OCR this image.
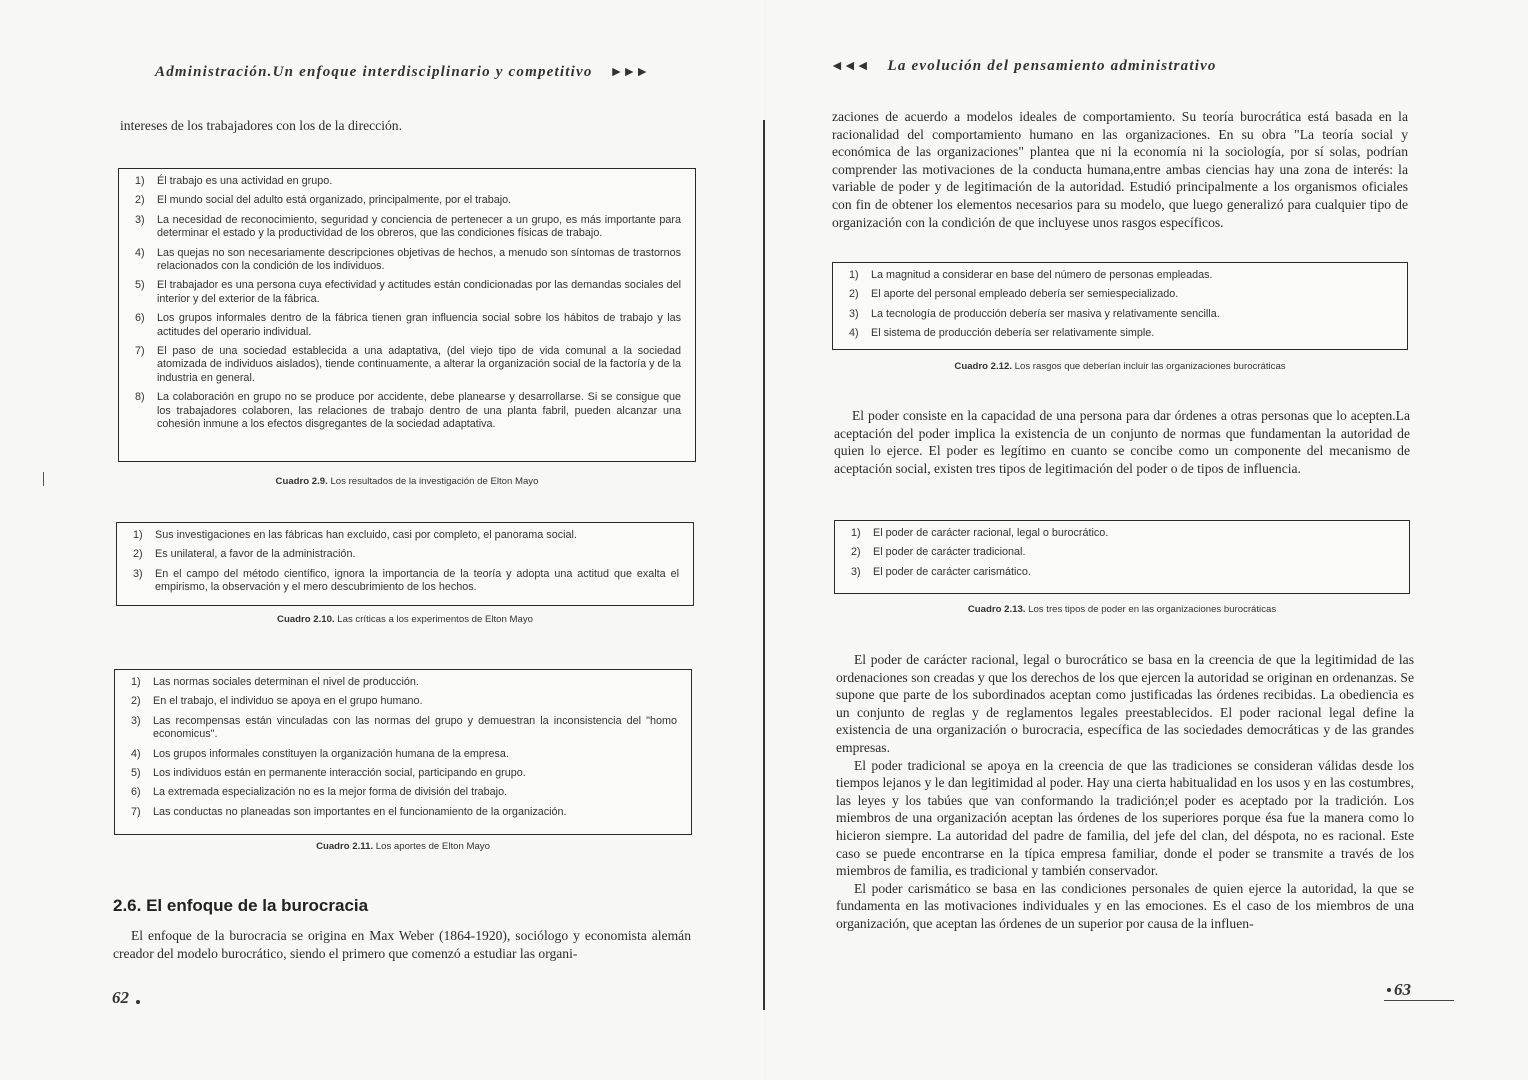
Administración.Un enfoque interdisciplinario y competitivo ►►►
intereses de los trabajadores con los de la dirección.
1)	Él trabajo es una actividad en grupo.
2)	El mundo social del adulto está organizado, principalmente, por el trabajo.
3)	La necesidad de reconocimiento, seguridad y conciencia de pertenecer a un grupo, es más importante para determinar el estado y la productividad de los obreros, que las condiciones físicas de trabajo.
4)	Las quejas no son necesariamente descripciones objetivas de hechos, a menudo son síntomas de trastornos relacionados con la condición de los individuos.
5)	El trabajador es una persona cuya efectividad y actitudes están condicionadas por las demandas sociales del interior y del exterior de la fábrica.
6)	Los grupos informales dentro de la fábrica tienen gran influencia social sobre los hábitos de trabajo y las actitudes del operario individual.
7)	El paso de una sociedad establecida a una adaptativa, (del viejo tipo de vida comunal a la sociedad atomizada de individuos aislados), tiende continuamente, a alterar la organización social de la factoría y de la industria en general.
8)	La colaboración en grupo no se produce por accidente, debe planearse y desarrollarse. Si se consigue que los trabajadores colaboren, las relaciones de trabajo dentro de una planta fabril, pueden alcanzar una cohesión inmune a los efectos disgregantes de la sociedad adaptativa.
Cuadro 2.9. Los resultados de la investigación de Elton Mayo
1)	Sus investigaciones en las fábricas han excluido, casi por completo, el panorama social.
2)	Es unilateral, a favor de la administración.
3)	En el campo del método científico, ignora la importancia de la teoría y adopta una actitud que exalta el empirismo, la observación y el mero descubrimiento de los hechos.
Cuadro 2.10. Las críticas a los experimentos de Elton Mayo
1)	Las normas sociales determinan el nivel de producción.
2)	En el trabajo, el individuo se apoya en el grupo humano.
3)	Las recompensas están vinculadas con las normas del grupo y demuestran la inconsistencia del "homo economicus".
4)	Los grupos informales constituyen la organización humana de la empresa.
5)	Los individuos están en permanente interacción social, participando en grupo.
6)	La extremada especialización no es la mejor forma de división del trabajo.
7)	Las conductas no planeadas son importantes en el funcionamiento de la organización.
Cuadro 2.11. Los aportes de Elton Mayo
2.6. El enfoque de la burocracia

El enfoque de la burocracia se origina en Max Weber (1864-1920), sociólogo y economista alemán creador del modelo burocrático, siendo el primero que comenzó a estudiar las organi-

62
◄◄◄ La evolución del pensamiento administrativo

zaciones de acuerdo a modelos ideales de comportamiento. Su teoría burocrática está basada en la racionalidad del comportamiento humano en las organizaciones. En su obra "La teoría social y económica de las organizaciones" plantea que ni la economía ni la sociología, por sí solas, podrían comprender las motivaciones de la conducta humana,entre ambas ciencias hay una zona de interés: la variable de poder y de legitimación de la autoridad. Estudió principalmente a los organismos oficiales con fin de obtener los elementos necesarios para su modelo, que luego generalizó para cualquier tipo de organización con la condición de que incluyese unos rasgos específicos.

1)	La magnitud a considerar en base del número de personas empleadas.
2)	El aporte del personal empleado debería ser semiespecializado.
3)	La tecnología de producción debería ser masiva y relativamente sencilla.
4)	El sistema de producción debería ser relativamente simple.
Cuadro 2.12. Los rasgos que deberían incluir las organizaciones burocráticas

El poder consiste en la capacidad de una persona para dar órdenes a otras personas que lo acepten.La aceptación del poder implica la existencia de un conjunto de normas que fundamentan la autoridad de quien lo ejerce. El poder es legítimo en cuanto se concibe como un componente del mecanismo de aceptación social, existen tres tipos de legitimación del poder o de tipos de influencia.

1)	El poder de carácter racional, legal o burocrático.
2)	El poder de carácter tradicional.
3)	El poder de carácter carismático.
Cuadro 2.13. Los tres tipos de poder en las organizaciones burocráticas

El poder de carácter racional, legal o burocrático se basa en la creencia de que la legitimidad de las ordenaciones son creadas y que los derechos de los que ejercen la autoridad se originan en ordenanzas. Se supone que parte de los subordinados aceptan como justificadas las órdenes recibidas. La obediencia es un conjunto de reglas y de reglamentos legales preestablecidos. El poder racional legal define la existencia de una organización o burocracia, específica de las sociedades democráticas y de las grandes empresas.

El poder tradicional se apoya en la creencia de que las tradiciones se consideran válidas desde los tiempos lejanos y le dan legitimidad al poder. Hay una cierta habitualidad en los usos y en las costumbres, las leyes y los tabúes que van conformando la tradición;el poder es aceptado por la tradición. Los miembros de una organización aceptan las órdenes de los superiores porque ésa fue la manera como lo hicieron siempre. La autoridad del padre de familia, del jefe del clan, del déspota, no es racional. Este caso se puede encontrarse en la típica empresa familiar, donde el poder se transmite a través de los miembros de familia, es tradicional y también conservador.

El poder carismático se basa en las condiciones personales de quien ejerce la autoridad, la que se fundamenta en las motivaciones individuales y en las emociones. Es el caso de los miembros de una organización, que aceptan las órdenes de un superior por causa de la influen-

63
